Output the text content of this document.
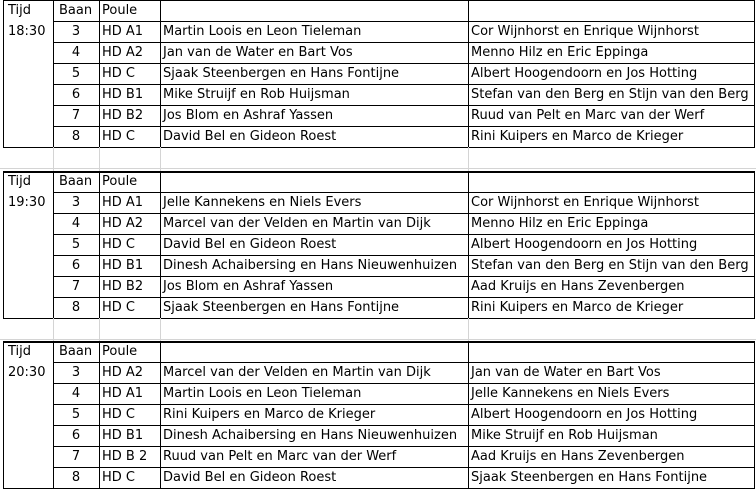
Tijd	Baan Poule
18:30	3	HD A1	Martin Loois en Leon Tieleman	Cor Wijnhorst en Enrique Wijnhorst
4	HD A2	Jan van de Water en Bart Vos	Menno Hilz en Eric Eppinga
5	HD C	Sjaak Steenbergen en Hans Fontijne	Albert Hoogendoorn en Jos Hotting
6	HD B1	Mike Struijf en Rob Huijsman	Stefan van den Berg en Stijn van den Berg
7	HD B2	Jos Blom en Ashraf Yassen	Ruud van Pelt en Marc van der Werf
8	HD C	David Bel en Gideon Roest	Rini Kuipers en Marco de Krieger
Tijd	Baan Poule
19:30	3	HD A1	Jelle Kannekens en Niels Evers	Cor Wijnhorst en Enrique Wijnhorst
4	HD A2	Marcel van der Velden en Martin van Dijk	Menno Hilz en Eric Eppinga
5	HD C	David Bel en Gideon Roest	Albert Hoogendoorn en Jos Hotting
6	HD B1	Dinesh Achaibersing en Hans Nieuwenhuizen	Stefan van den Berg en Stijn van den Berg
7	HD B2	Jos Blom en Ashraf Yassen	Aad Kruijs en Hans Zevenbergen
8	HD C	Sjaak Steenbergen en Hans Fontijne	Rini Kuipers en Marco de Krieger
Tijd	Baan Poule
20:30	3	HD A2	Marcel van der Velden en Martin van Dijk	Jan van de Water en Bart Vos
4	HD A1	Martin Loois en Leon Tieleman	Jelle Kannekens en Niels Evers
5	HD C	Rini Kuipers en Marco de Krieger	Albert Hoogendoorn en Jos Hotting
6	HD B1	Dinesh Achaibersing en Hans Nieuwenhuizen	Mike Struijf en Rob Huijsman
7	HD B 2	Ruud van Pelt en Marc van der Werf	Aad Kruijs en Hans Zevenbergen
8	HD C	David Bel en Gideon Roest	Sjaak Steenbergen en Hans Fontijne
